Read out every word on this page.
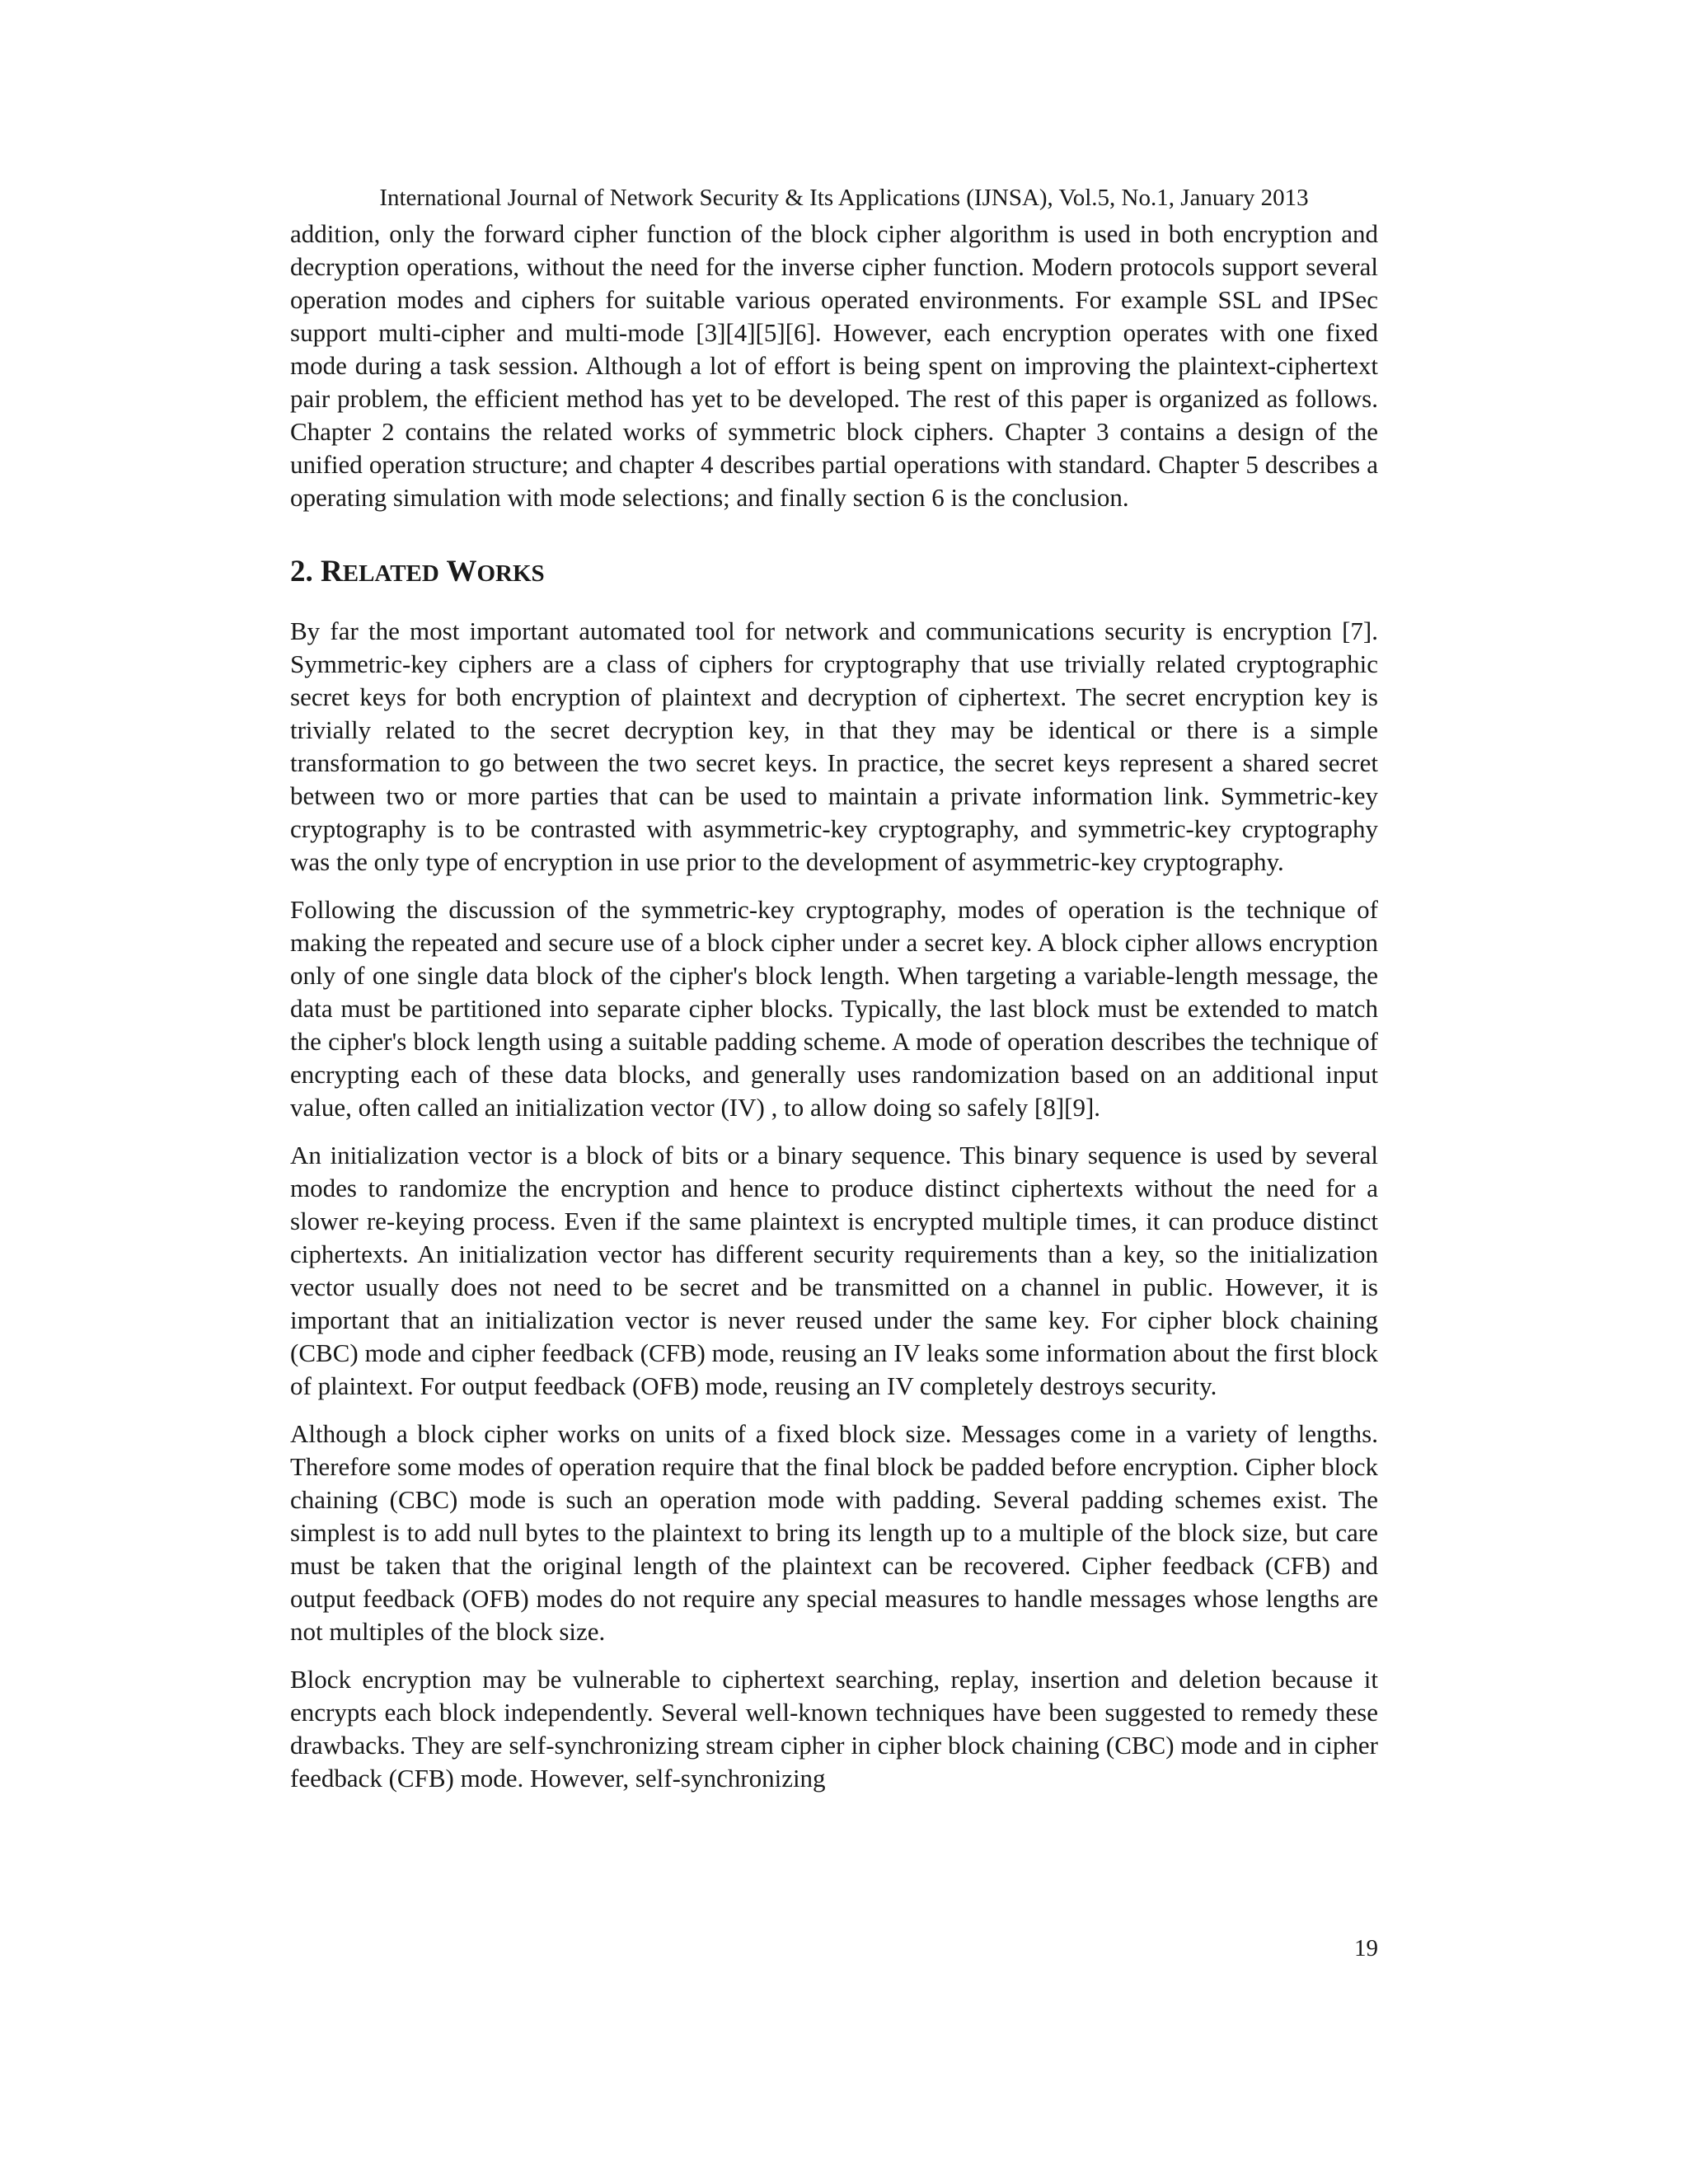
International Journal of Network Security & Its Applications (IJNSA), Vol.5, No.1, January 2013

addition, only the forward cipher function of the block cipher algorithm is used in both encryption and decryption operations, without the need for the inverse cipher function. Modern protocols support several operation modes and ciphers for suitable various operated environments. For example SSL and IPSec support multi-cipher and multi-mode [3][4][5][6]. However, each encryption operates with one fixed mode during a task session. Although a lot of effort is being spent on improving the plaintext-ciphertext pair problem, the efficient method has yet to be developed. The rest of this paper is organized as follows. Chapter 2 contains the related works of symmetric block ciphers. Chapter 3 contains a design of the unified operation structure; and chapter 4 describes partial operations with standard. Chapter 5 describes a operating simulation with mode selections; and finally section 6 is the conclusion.

2. RELATED WORKS

By far the most important automated tool for network and communications security is encryption [7]. Symmetric-key ciphers are a class of ciphers for cryptography that use trivially related cryptographic secret keys for both encryption of plaintext and decryption of ciphertext. The secret encryption key is trivially related to the secret decryption key, in that they may be identical or there is a simple transformation to go between the two secret keys. In practice, the secret keys represent a shared secret between two or more parties that can be used to maintain a private information link. Symmetric-key cryptography is to be contrasted with asymmetric-key cryptography, and symmetric-key cryptography was the only type of encryption in use prior to the development of asymmetric-key cryptography.

Following the discussion of the symmetric-key cryptography, modes of operation is the technique of making the repeated and secure use of a block cipher under a secret key. A block cipher allows encryption only of one single data block of the cipher's block length. When targeting a variable-length message, the data must be partitioned into separate cipher blocks. Typically, the last block must be extended to match the cipher's block length using a suitable padding scheme. A mode of operation describes the technique of encrypting each of these data blocks, and generally uses randomization based on an additional input value, often called an initialization vector (IV) , to allow doing so safely [8][9].

An initialization vector is a block of bits or a binary sequence. This binary sequence is used by several modes to randomize the encryption and hence to produce distinct ciphertexts without the need for a slower re-keying process. Even if the same plaintext is encrypted multiple times, it can produce distinct ciphertexts. An initialization vector has different security requirements than a key, so the initialization vector usually does not need to be secret and be transmitted on a channel in public. However, it is important that an initialization vector is never reused under the same key. For cipher block chaining (CBC) mode and cipher feedback (CFB) mode, reusing an IV leaks some information about the first block of plaintext. For output feedback (OFB) mode, reusing an IV completely destroys security.

Although a block cipher works on units of a fixed block size. Messages come in a variety of lengths. Therefore some modes of operation require that the final block be padded before encryption. Cipher block chaining (CBC) mode is such an operation mode with padding. Several padding schemes exist. The simplest is to add null bytes to the plaintext to bring its length up to a multiple of the block size, but care must be taken that the original length of the plaintext can be recovered. Cipher feedback (CFB) and output feedback (OFB) modes do not require any special measures to handle messages whose lengths are not multiples of the block size.

Block encryption may be vulnerable to ciphertext searching, replay, insertion and deletion because it encrypts each block independently. Several well-known techniques have been suggested to remedy these drawbacks. They are self-synchronizing stream cipher in cipher block chaining (CBC) mode and in cipher feedback (CFB) mode. However, self-synchronizing

19
